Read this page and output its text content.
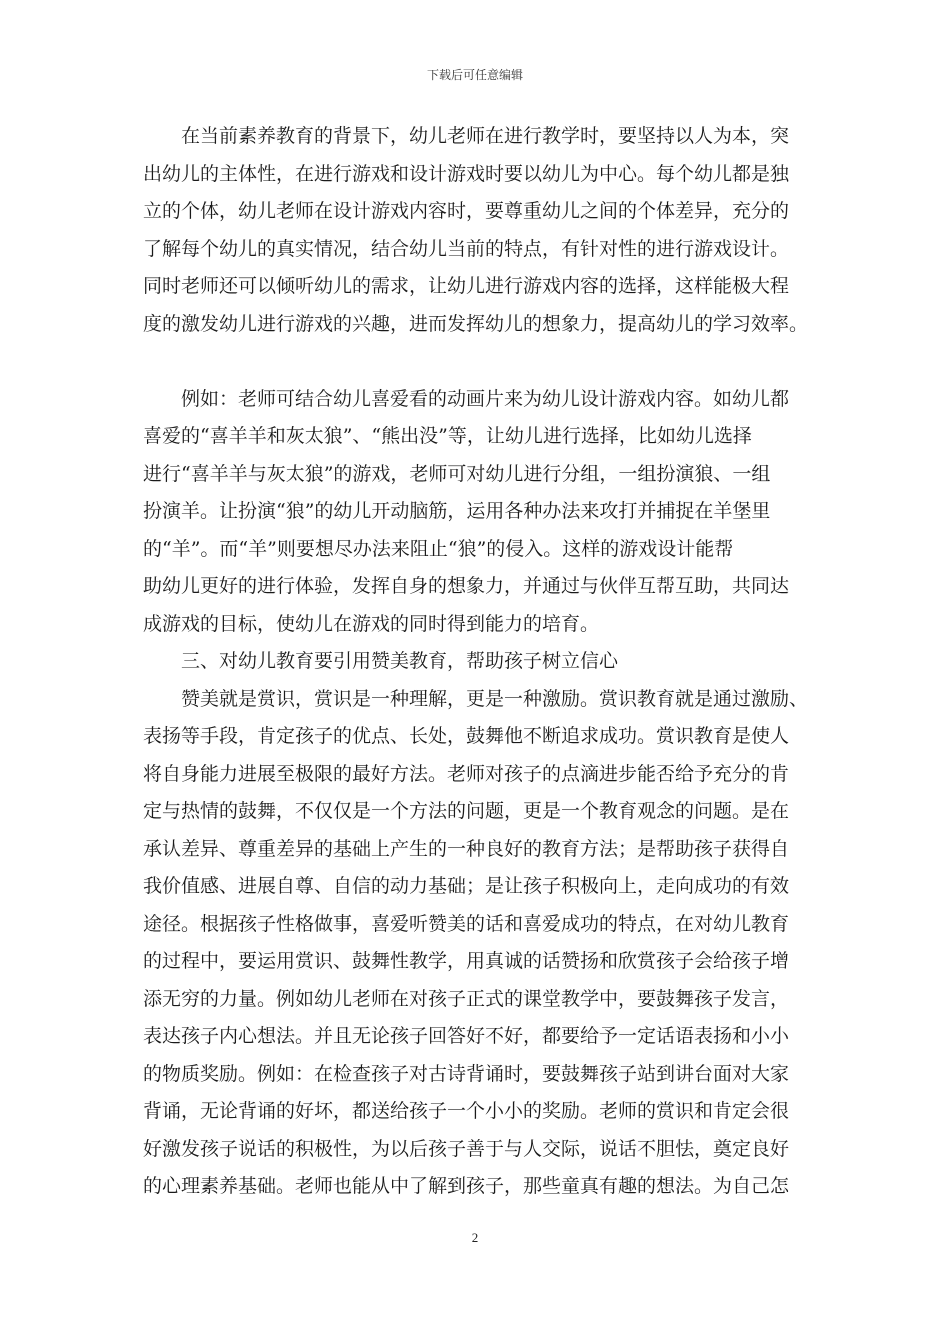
下载后可任意编辑
在当前素养教育的背景下，幼儿老师在进行教学时，要坚持以人为本，突
出幼儿的主体性，在进行游戏和设计游戏时要以幼儿为中心。每个幼儿都是独
立的个体，幼儿老师在设计游戏内容时，要尊重幼儿之间的个体差异，充分的
了解每个幼儿的真实情况，结合幼儿当前的特点，有针对性的进行游戏设计。
同时老师还可以倾听幼儿的需求，让幼儿进行游戏内容的选择，这样能极大程
度的激发幼儿进行游戏的兴趣，进而发挥幼儿的想象力，提高幼儿的学习效率。
例如：老师可结合幼儿喜爱看的动画片来为幼儿设计游戏内容。如幼儿都
喜爱的“喜羊羊和灰太狼”、“熊出没”等，让幼儿进行选择，比如幼儿选择
进行“喜羊羊与灰太狼”的游戏，老师可对幼儿进行分组，一组扮演狼、一组
扮演羊。让扮演“狼”的幼儿开动脑筋，运用各种办法来攻打并捕捉在羊堡里
的“羊”。而“羊”则要想尽办法来阻止“狼”的侵入。这样的游戏设计能帮
助幼儿更好的进行体验，发挥自身的想象力，并通过与伙伴互帮互助，共同达
成游戏的目标，使幼儿在游戏的同时得到能力的培育。
三、对幼儿教育要引用赞美教育，帮助孩子树立信心
赞美就是赏识，赏识是一种理解，更是一种激励。赏识教育就是通过激励、
表扬等手段，肯定孩子的优点、长处，鼓舞他不断追求成功。赏识教育是使人
将自身能力进展至极限的最好方法。老师对孩子的点滴进步能否给予充分的肯
定与热情的鼓舞，不仅仅是一个方法的问题，更是一个教育观念的问题。是在
承认差异、尊重差异的基础上产生的一种良好的教育方法；是帮助孩子获得自
我价值感、进展自尊、自信的动力基础；是让孩子积极向上，走向成功的有效
途径。根据孩子性格做事，喜爱听赞美的话和喜爱成功的特点，在对幼儿教育
的过程中，要运用赏识、鼓舞性教学，用真诚的话赞扬和欣赏孩子会给孩子增
添无穷的力量。例如幼儿老师在对孩子正式的课堂教学中，要鼓舞孩子发言，
表达孩子内心想法。并且无论孩子回答好不好，都要给予一定话语表扬和小小
的物质奖励。例如：在检查孩子对古诗背诵时，要鼓舞孩子站到讲台面对大家
背诵，无论背诵的好坏，都送给孩子一个小小的奖励。老师的赏识和肯定会很
好激发孩子说话的积极性，为以后孩子善于与人交际，说话不胆怯，奠定良好
的心理素养基础。老师也能从中了解到孩子，那些童真有趣的想法。为自己怎
2
